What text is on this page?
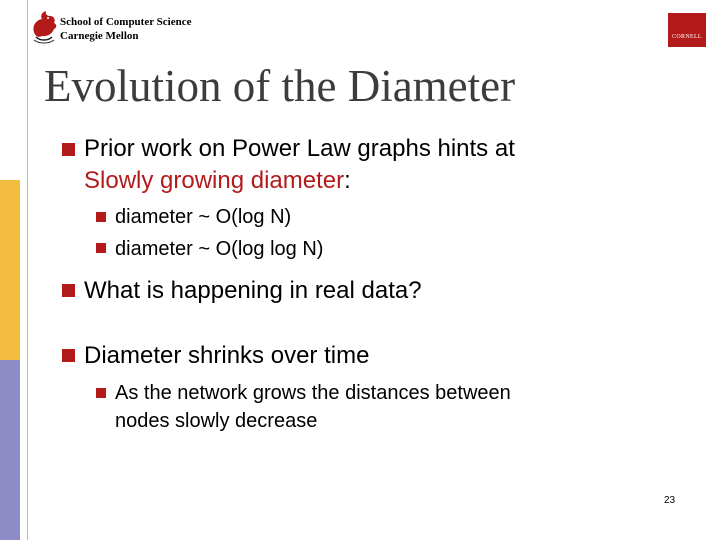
School of Computer Science
Carnegie Mellon	CORNELL
Evolution of the Diameter
Prior work on Power Law graphs hints at
Slowly growing diameter:
diameter ~ O(log N)
diameter ~ O(log log N)
What is happening in real data?
Diameter shrinks over time
As the network grows the distances between
nodes slowly decrease
23
